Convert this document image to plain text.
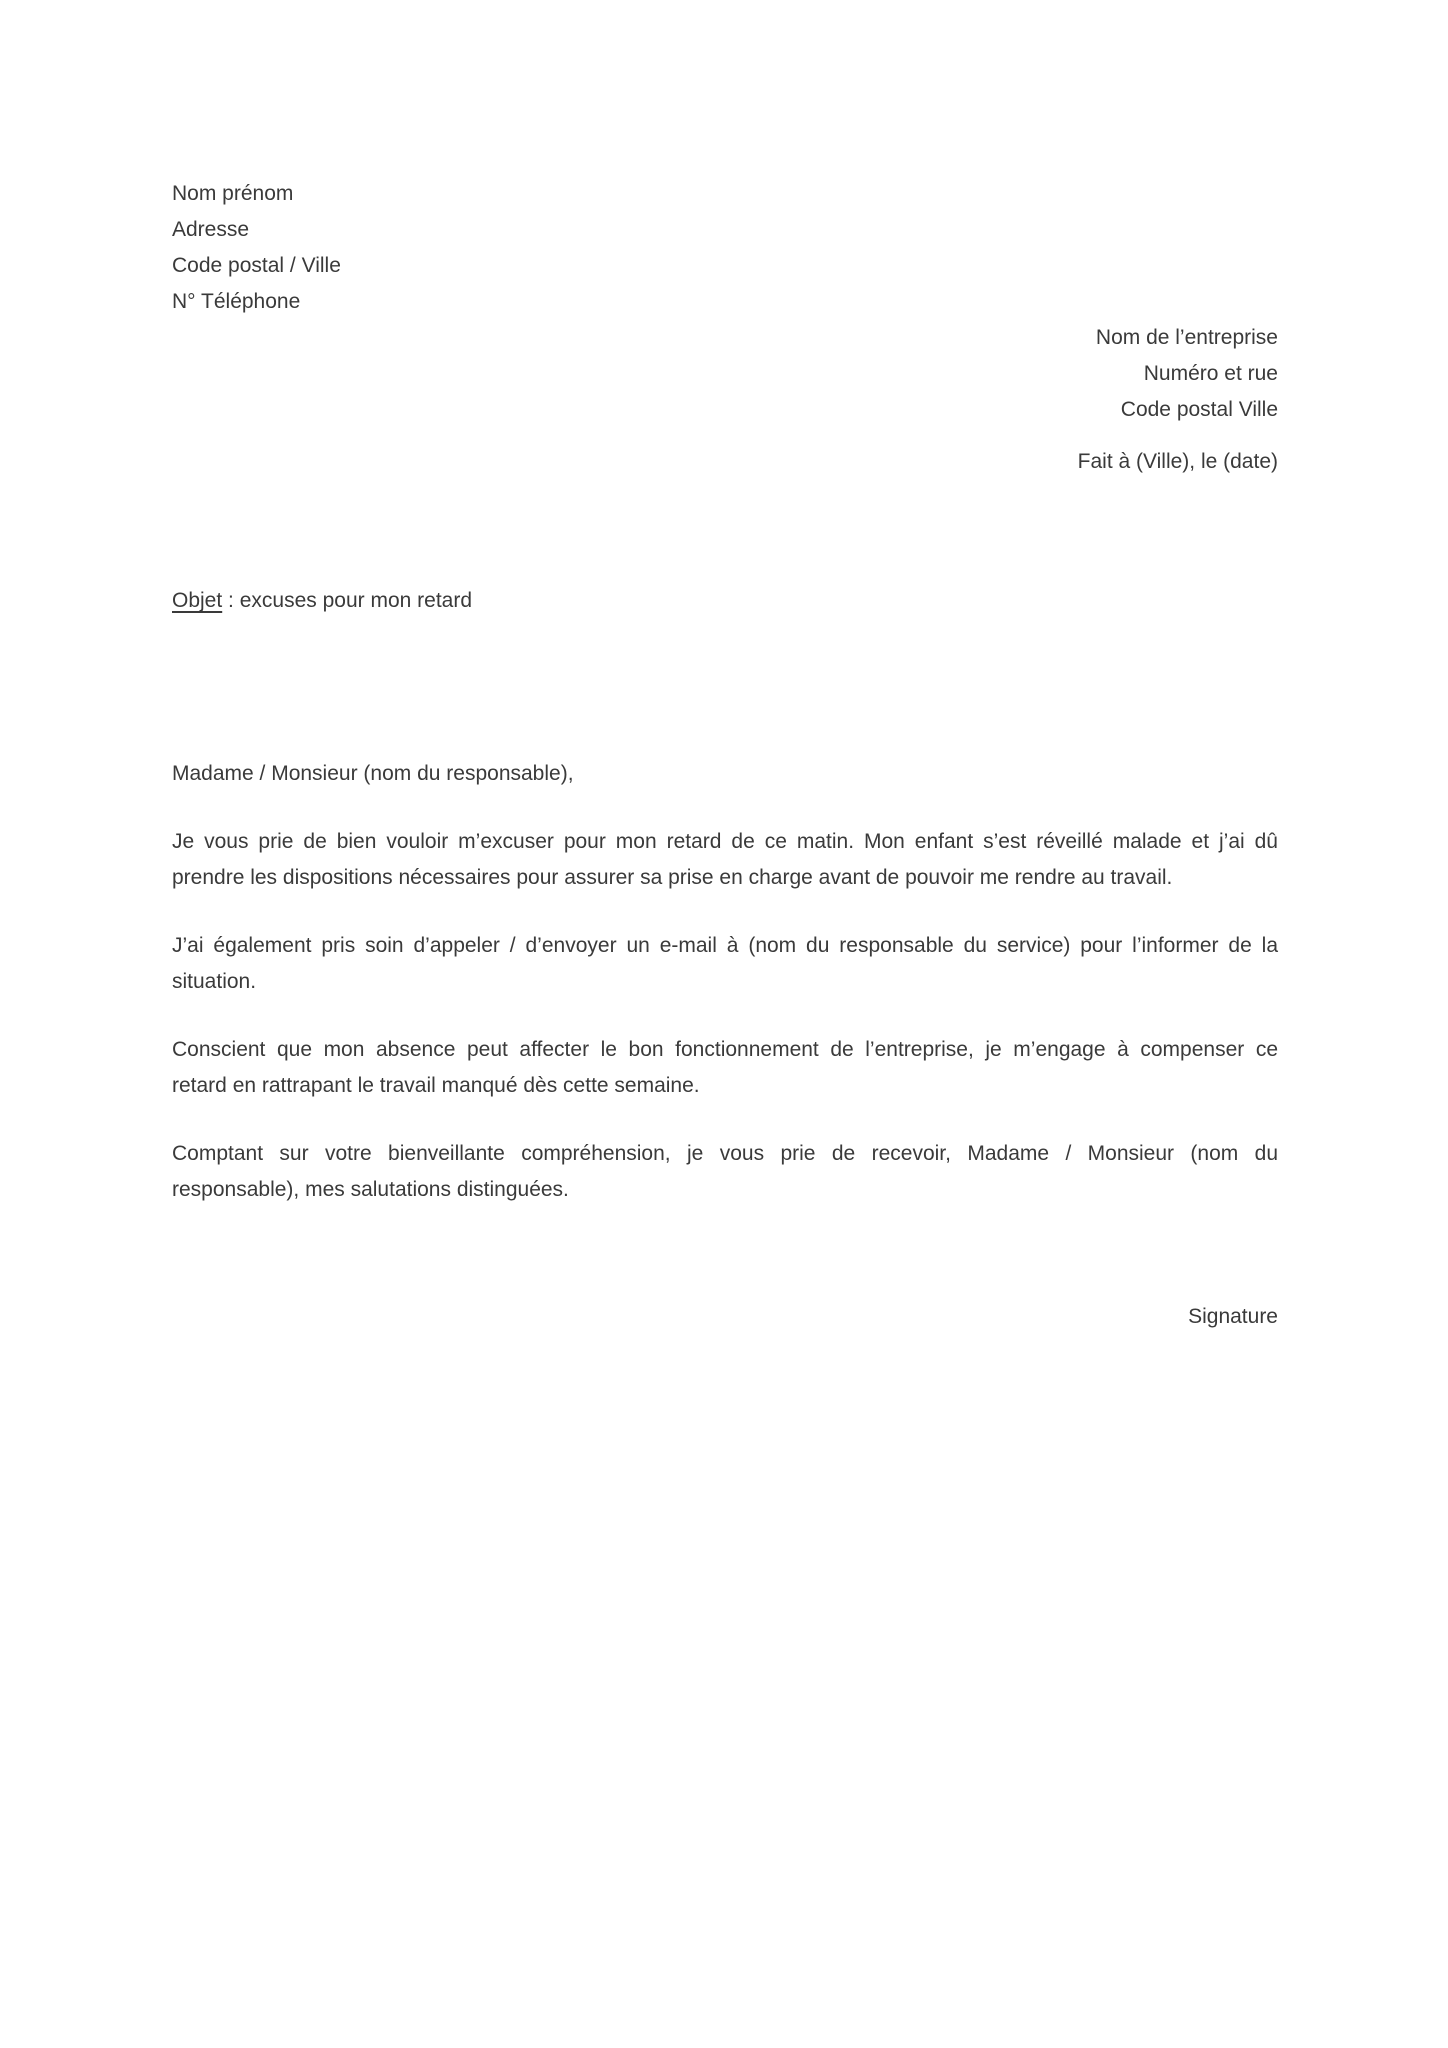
Nom prénom
Adresse
Code postal / Ville
N° Téléphone
Nom de l’entreprise
Numéro et rue
Code postal Ville
Fait à (Ville), le (date)
Objet : excuses pour mon retard
Madame / Monsieur (nom du responsable),
Je vous prie de bien vouloir m’excuser pour mon retard de ce matin. Mon enfant s’est réveillé malade et j’ai dû
prendre les dispositions nécessaires pour assurer sa prise en charge avant de pouvoir me rendre au travail.
J’ai également pris soin d’appeler / d’envoyer un e-mail à (nom du responsable du service) pour l’informer de la
situation.
Conscient que mon absence peut affecter le bon fonctionnement de l’entreprise, je m’engage à compenser ce
retard en rattrapant le travail manqué dès cette semaine.
Comptant sur votre bienveillante compréhension, je vous prie de recevoir, Madame / Monsieur (nom du
responsable), mes salutations distinguées.
Signature
